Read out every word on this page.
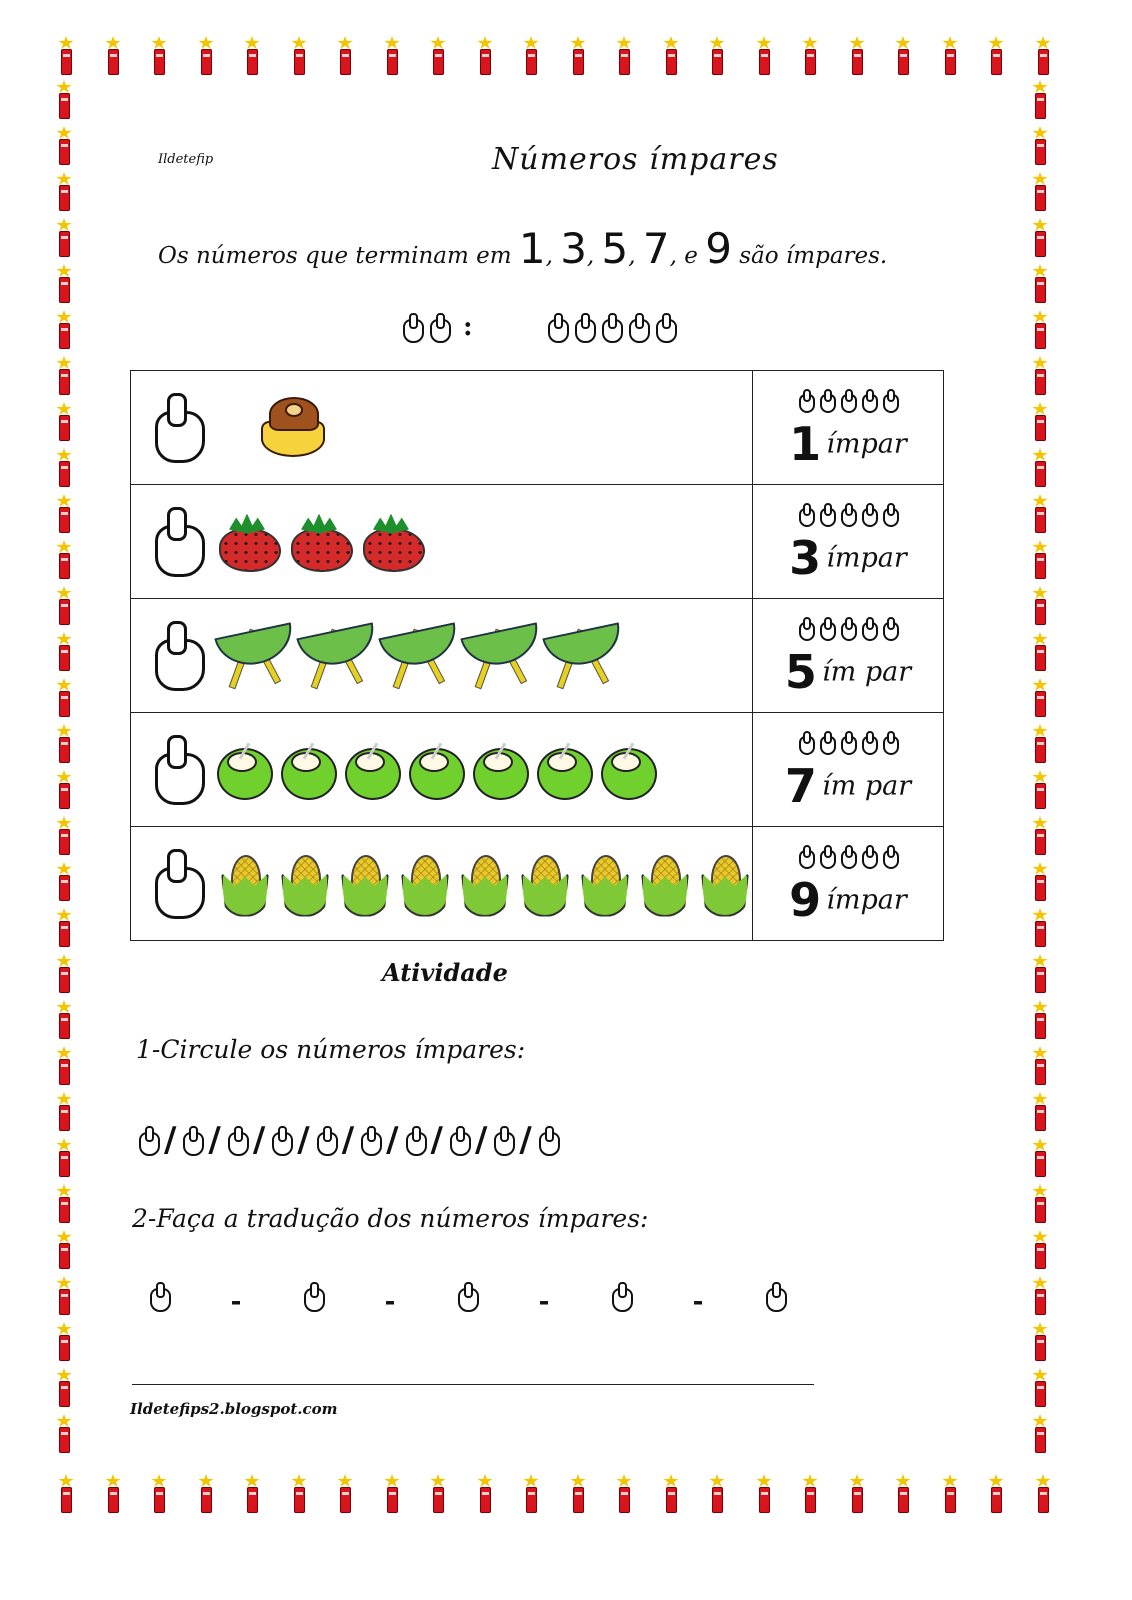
Ildetefip	Números ímpares
Os números que terminam em 1, 3, 5, 7, e 9 são ímpares.
:

	1 ímpar

	3 ímpar

	5 ím par

	7 ím par

	9 ímpar
Atividade
1-Circule os números ímpares:
/ / / / / / / / /
2-Faça a tradução dos números ímpares:
-	-	-	-
Ildetefips2.blogspot.com
